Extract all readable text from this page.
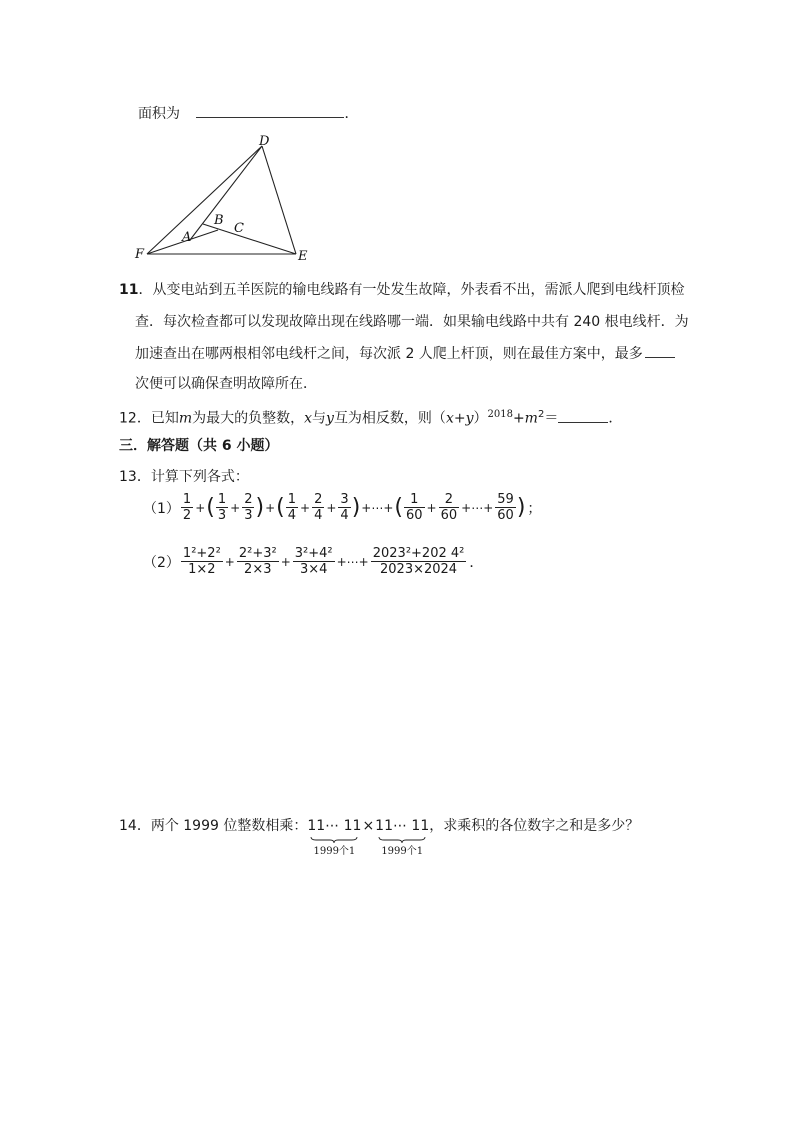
面积为	．
D
B
C
A
F	E
11．从变电站到五羊医院的输电线路有一处发生故障，外表看不出，需派人爬到电线杆顶检
查．每次检查都可以发现故障出现在线路哪一端．如果输电线路中共有 240 根电线杆．为
加速查出在哪两根相邻电线杆之间，每次派 2 人爬上杆顶，则在最佳方案中，最多
次便可以确保查明故障所在．
12．已知m为最大的负整数，x与y互为相反数，则$(x+y)^{2018}+m^2=$	．
三．解答题（共 6 小题）
13．计算下列各式：
$(1) \frac{1}{2}$ + ( $\frac{1}{3} + \frac{2}{3}$ ) + ( $\frac{1}{4} + \frac{2}{4} + \frac{3}{4}$ ) +⋯+ ( $\frac{1}{60} + \frac{2}{60}$ +⋯+ $\frac{59}{60}$ ) ；
$(2) \frac{\text{1²+2²}}{1\times 2} + \frac{\text{2²+3²}}{2\times 3} + \frac{\text{3²+4²}}{3\times 4}$ +⋯+ $\frac{\text{2023²+202 4²}}{2023\times 2024}$ ．
14．两个 1999 位整数相乘： 11⋯ 11
1999个1
× 11⋯ 11
1999个1
，求乘积的各位数字之和是多少？
